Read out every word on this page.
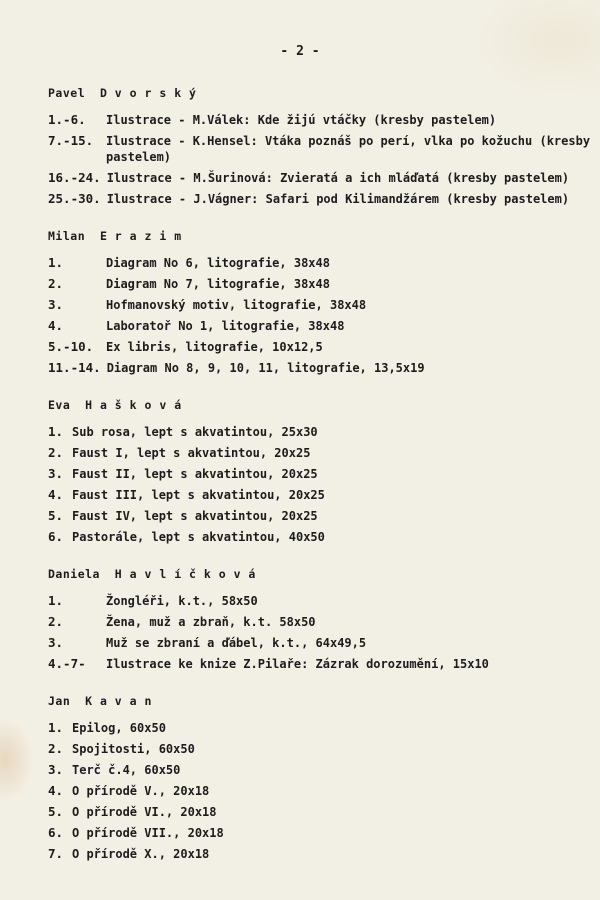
- 2 -
Pavel  D v o r s k ý
1.-6.	Ilustrace - M.Válek: Kde žijú vtáčky (kresby pastelem)
7.-15.	Ilustrace - K.Hensel: Vtáka poznáš po perí, vlka po kožuchu (kresby pastelem)
16.-24. Ilustrace - M.Šurinová: Zvieratá a ich mláďatá (kresby pastelem)
25.-30. Ilustrace - J.Vágner: Safari pod Kilimandžárem (kresby pastelem)
Milan  E r a z i m
1.	Diagram No 6, litografie, 38x48
2.	Diagram No 7, litografie, 38x48
3.	Hofmanovský motiv, litografie, 38x48
4.	Laboratoř No 1, litografie, 38x48
5.-10.	Ex libris, litografie, 10x12,5
11.-14. Diagram No 8, 9, 10, 11, litografie, 13,5x19
Eva  H a š k o v á
1. Sub rosa, lept s akvatintou, 25x30
2. Faust I, lept s akvatintou, 20x25
3. Faust II, lept s akvatintou, 20x25
4. Faust III, lept s akvatintou, 20x25
5. Faust IV, lept s akvatintou, 20x25
6. Pastorále, lept s akvatintou, 40x50
Daniela  H a v l í č k o v á
1.	Žongléři, k.t., 58x50
2.	Žena, muž a zbraň, k.t. 58x50
3.	Muž se zbraní a ďábel, k.t., 64x49,5
4.-7-	Ilustrace ke knize Z.Pilaře: Zázrak dorozumění, 15x10
Jan  K a v a n
1. Epilog, 60x50
2. Spojitosti, 60x50
3. Terč č.4, 60x50
4. O přírodě V., 20x18
5. O přírodě VI., 20x18
6. O přírodě VII., 20x18
7. O přírodě X., 20x18
